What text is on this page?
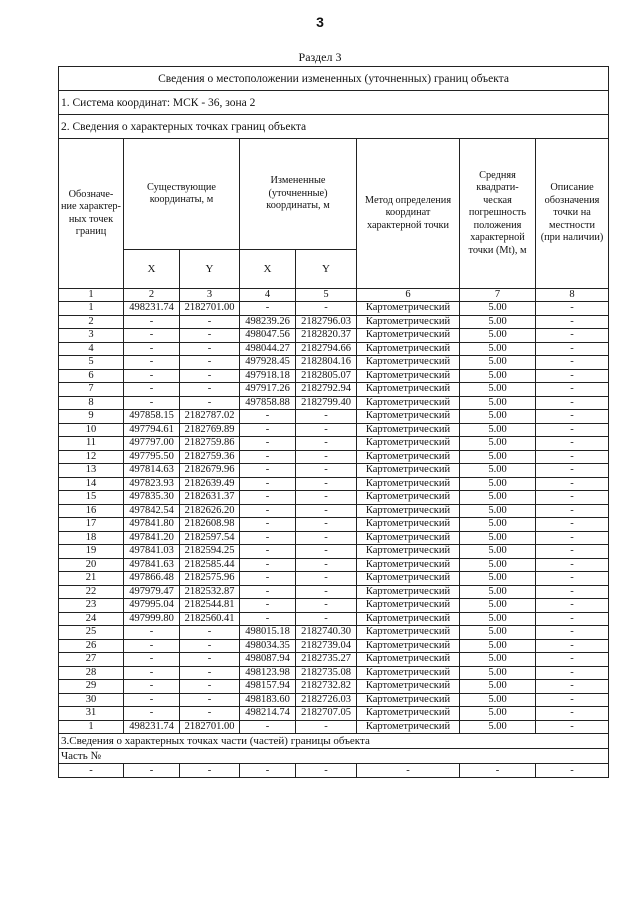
3
Раздел 3
Сведения о местоположении измененных (уточненных) границ объекта							
1. Система координат: МСК - 36, зона 2							
2. Сведения о характерных точках границ объекта							
Обозначе-ние характер-ных точек границ	Существующие координаты, м		Измененные (уточненные) координаты, м		Метод определения координат характерной точки	Средняя квадрати-ческая погрешность положения характерной точки (Mt), м	Описание обозначения точки на местности (при наличии)
	X	Y	X	Y			
1	2	3	4	5	6	7	8
1	498231.74	2182701.00	-	-	Картометрический	5.00	-
2	-	-	498239.26	2182796.03	Картометрический	5.00	-
3	-	-	498047.56	2182820.37	Картометрический	5.00	-
4	-	-	498044.27	2182794.66	Картометрический	5.00	-
5	-	-	497928.45	2182804.16	Картометрический	5.00	-
6	-	-	497918.18	2182805.07	Картометрический	5.00	-
7	-	-	497917.26	2182792.94	Картометрический	5.00	-
8	-	-	497858.88	2182799.40	Картометрический	5.00	-
9	497858.15	2182787.02	-	-	Картометрический	5.00	-
10	497794.61	2182769.89	-	-	Картометрический	5.00	-
11	497797.00	2182759.86	-	-	Картометрический	5.00	-
12	497795.50	2182759.36	-	-	Картометрический	5.00	-
13	497814.63	2182679.96	-	-	Картометрический	5.00	-
14	497823.93	2182639.49	-	-	Картометрический	5.00	-
15	497835.30	2182631.37	-	-	Картометрический	5.00	-
16	497842.54	2182626.20	-	-	Картометрический	5.00	-
17	497841.80	2182608.98	-	-	Картометрический	5.00	-
18	497841.20	2182597.54	-	-	Картометрический	5.00	-
19	497841.03	2182594.25	-	-	Картометрический	5.00	-
20	497841.63	2182585.44	-	-	Картометрический	5.00	-
21	497866.48	2182575.96	-	-	Картометрический	5.00	-
22	497979.47	2182532.87	-	-	Картометрический	5.00	-
23	497995.04	2182544.81	-	-	Картометрический	5.00	-
24	497999.80	2182560.41	-	-	Картометрический	5.00	-
25	-	-	498015.18	2182740.30	Картометрический	5.00	-
26	-	-	498034.35	2182739.04	Картометрический	5.00	-
27	-	-	498087.94	2182735.27	Картометрический	5.00	-
28	-	-	498123.98	2182735.08	Картометрический	5.00	-
29	-	-	498157.94	2182732.82	Картометрический	5.00	-
30	-	-	498183.60	2182726.03	Картометрический	5.00	-
31	-	-	498214.74	2182707.05	Картометрический	5.00	-
1	498231.74	2182701.00	-	-	Картометрический	5.00	-
3.Сведения о характерных точках части (частей) границы объекта							
Часть №							
-	-	-	-	-	-	-	-
